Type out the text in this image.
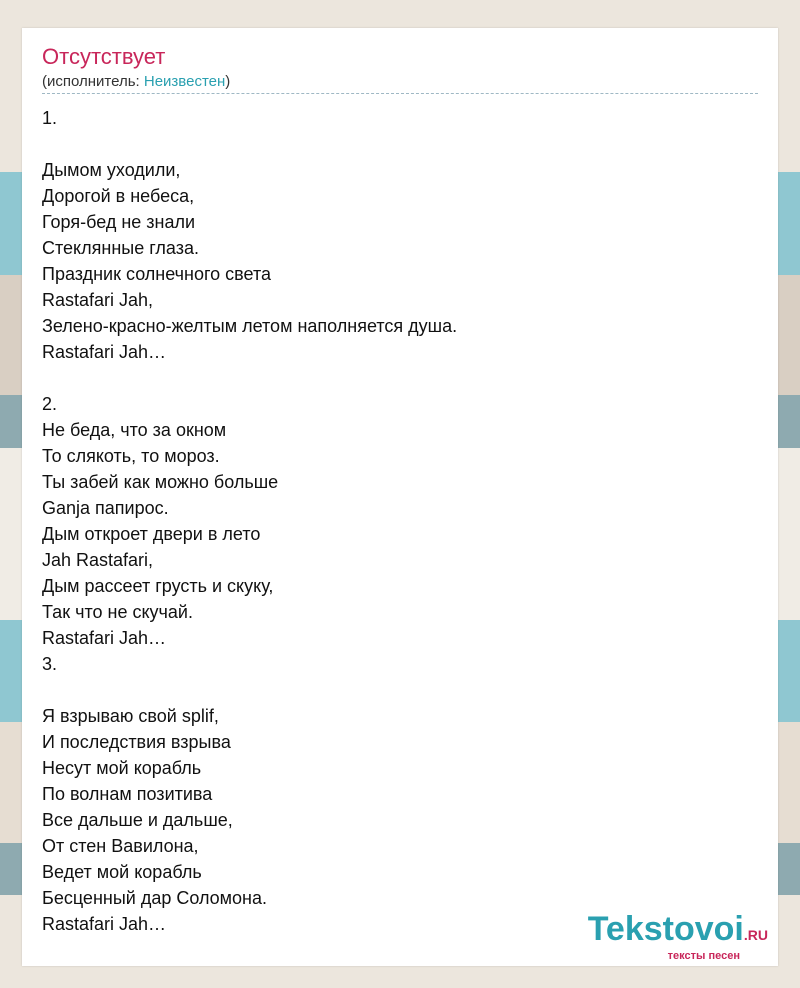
Отсутствует
(исполнитель: Неизвестен)
1.
Дымом уходили,
Дорогой в небеса,
Горя-бед не знали
Стеклянные глаза.
Праздник солнечного света
Rastafari Jah,
Зелено-красно-желтым летом наполняется душа.
Rastafari Jah…
2.
Не беда, что за окном
То слякоть, то мороз.
Ты забей как можно больше
Ganja папирос.
Дым откроет двери в лето
Jah Rastafari,
Дым рассеет грусть и скуку,
Так что не скучай.
Rastafari Jah…
3.
Я взрываю свой splif,
И последствия взрыва
Несут мой корабль
По волнам позитива
Все дальше и дальше,
От стен Вавилона,
Ведет мой корабль
Бесценный дар Соломона.
Rastafari Jah…	Tekstovoi.RU
тексты песен
